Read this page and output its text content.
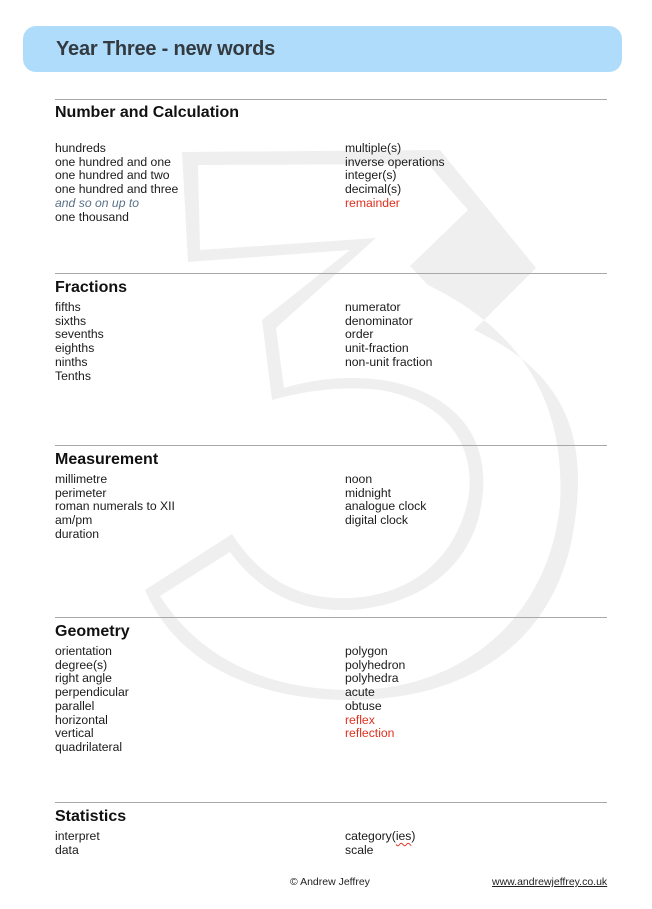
Year Three - new words
Number and Calculation
hundreds
one hundred and one
one hundred and two
one hundred and three
and so on up to
one thousand
multiple(s)
inverse operations
integer(s)
decimal(s)
remainder
Fractions
fifths
sixths
sevenths
eighths
ninths
Tenths
numerator
denominator
order
unit-fraction
non-unit fraction
Measurement
millimetre
perimeter
roman numerals to XII
am/pm
duration
noon
midnight
analogue clock
digital clock
Geometry
orientation
degree(s)
right angle
perpendicular
parallel
horizontal
vertical
quadrilateral
polygon
polyhedron
polyhedra
acute
obtuse
reflex
reflection
Statistics
interpret
data
category(ies)
scale
© Andrew Jeffrey	www.andrewjeffrey.co.uk
